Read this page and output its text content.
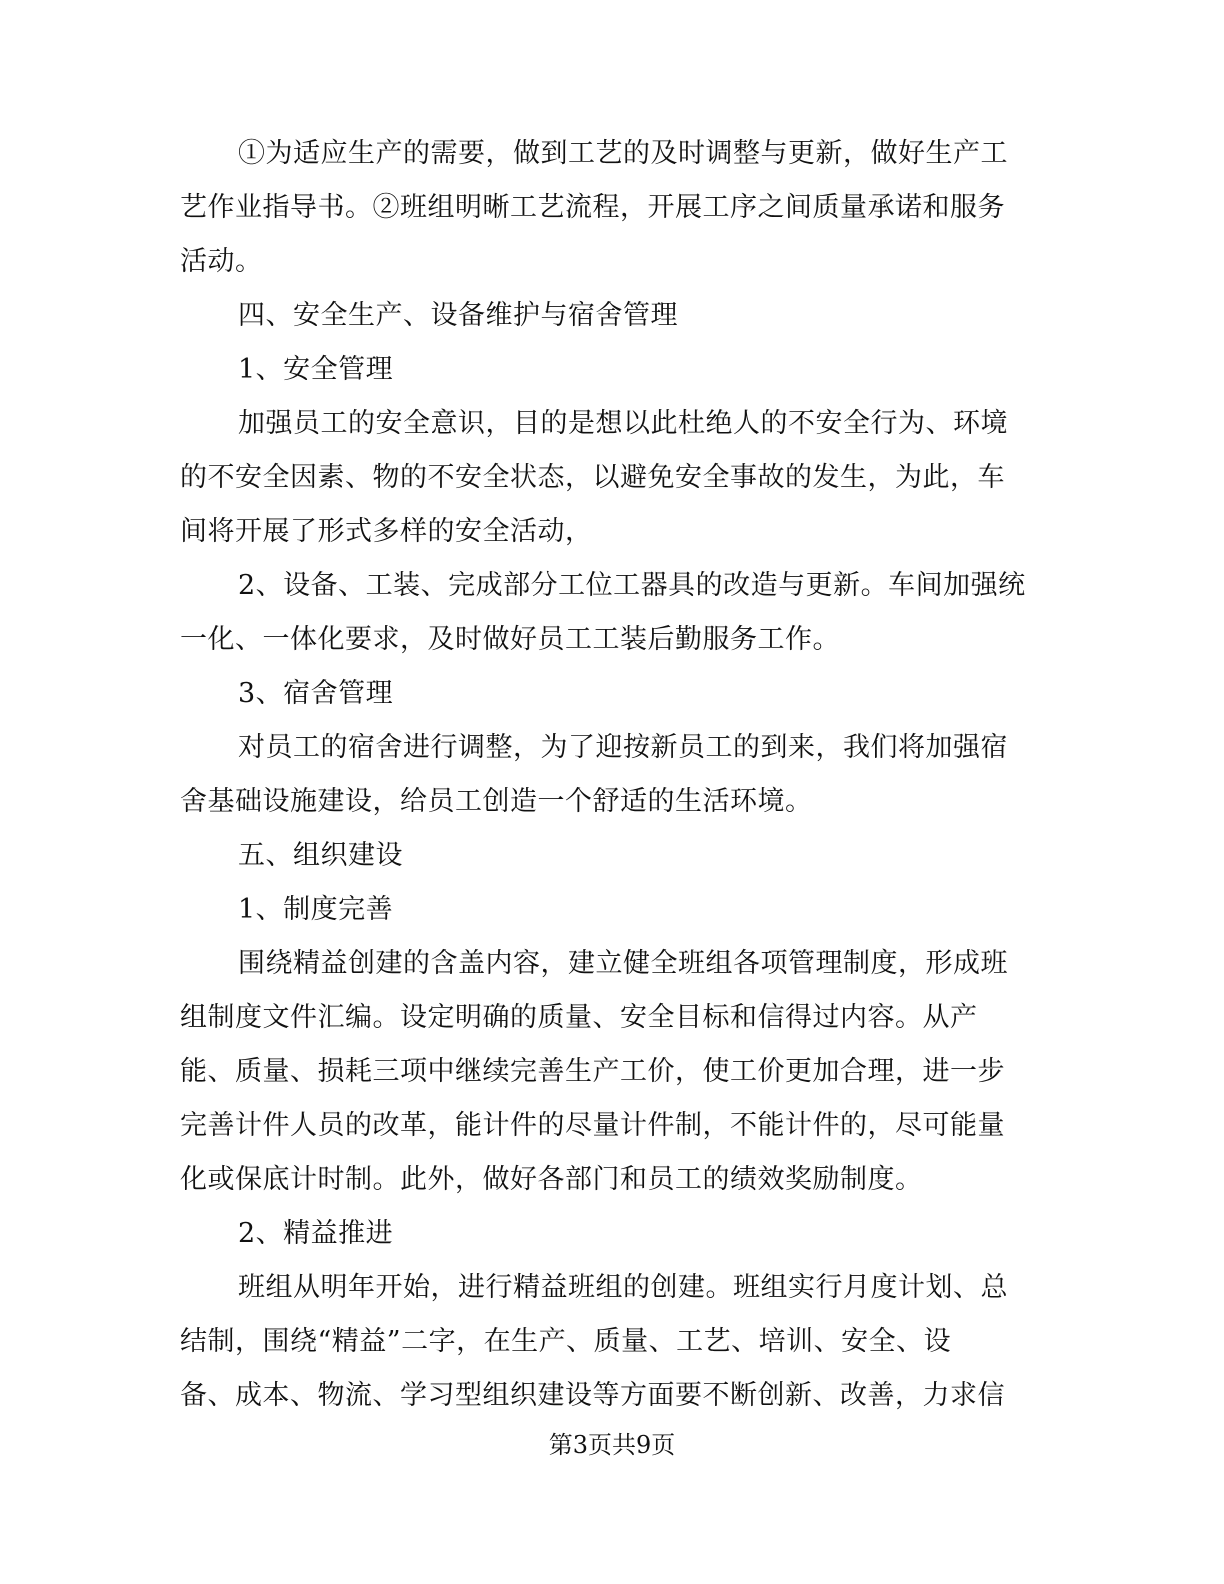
①为适应生产的需要，做到工艺的及时调整与更新，做好生产工
艺作业指导书。②班组明晰工艺流程，开展工序之间质量承诺和服务
活动。
四、安全生产、设备维护与宿舍管理
1、安全管理
加强员工的安全意识，目的是想以此杜绝人的不安全行为、环境
的不安全因素、物的不安全状态，以避免安全事故的发生，为此，车
间将开展了形式多样的安全活动，
2、设备、工装、完成部分工位工器具的改造与更新。车间加强统
一化、一体化要求，及时做好员工工装后勤服务工作。
3、宿舍管理
对员工的宿舍进行调整，为了迎按新员工的到来，我们将加强宿
舍基础设施建设，给员工创造一个舒适的生活环境。
五、组织建设
1、制度完善
围绕精益创建的含盖内容，建立健全班组各项管理制度，形成班
组制度文件汇编。设定明确的质量、安全目标和信得过内容。从产
能、质量、损耗三项中继续完善生产工价，使工价更加合理，进一步
完善计件人员的改革，能计件的尽量计件制，不能计件的，尽可能量
化或保底计时制。此外，做好各部门和员工的绩效奖励制度。
2、精益推进
班组从明年开始，进行精益班组的创建。班组实行月度计划、总
结制，围绕“精益”二字，在生产、质量、工艺、培训、安全、设
备、成本、物流、学习型组织建设等方面要不断创新、改善，力求信
第3页共9页
